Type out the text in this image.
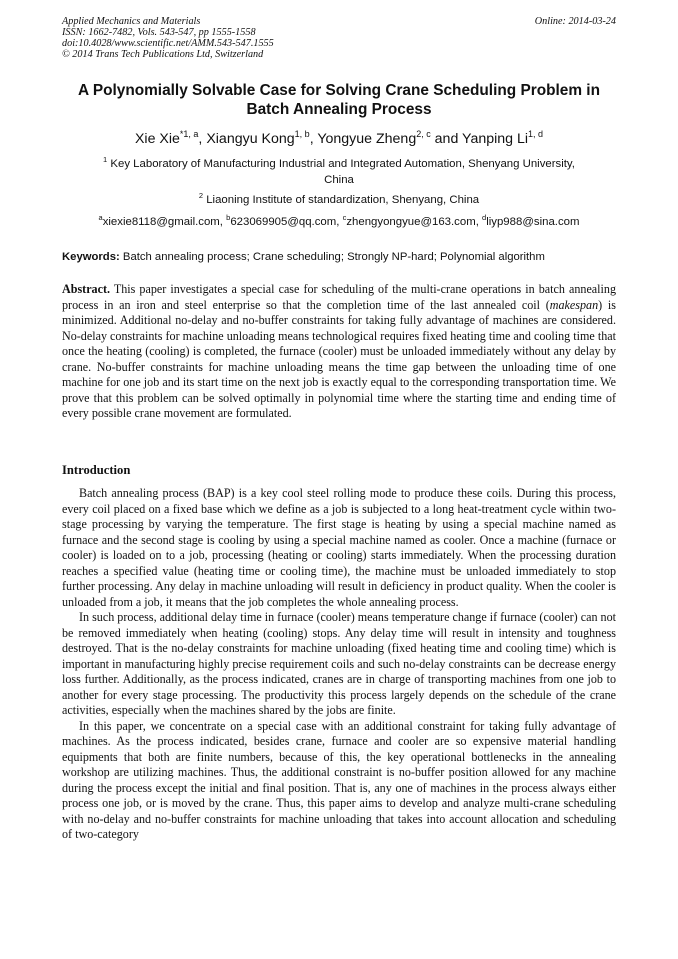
Applied Mechanics and Materials
ISSN: 1662-7482, Vols. 543-547, pp 1555-1558
doi:10.4028/www.scientific.net/AMM.543-547.1555
© 2014 Trans Tech Publications Ltd, Switzerland
Online: 2014-03-24
A Polynomially Solvable Case for Solving Crane Scheduling Problem in
Batch Annealing Process
Xie Xie$^{*1, a}$, Xiangyu Kong$^{1, b}$, Yongyue Zheng$^{2, c}$ and Yanping Li$^{1, d}$
$^1$ Key Laboratory of Manufacturing Industrial and Integrated Automation, Shenyang University,
China
$^2$ Liaoning Institute of standardization, Shenyang, China
$^a$xiexie8118@gmail.com, $^b$623069905@qq.com, $^c$zhengyongyue@163.com, $^d$liyp988@sina.com
Keywords: Batch annealing process; Crane scheduling; Strongly NP-hard; Polynomial algorithm

Abstract. This paper investigates a special case for scheduling of the multi-crane operations in batch annealing process in an iron and steel enterprise so that the completion time of the last annealed coil (makespan) is minimized. Additional no-delay and no-buffer constraints for taking fully advantage of machines are considered. No-delay constraints for machine unloading means technological requires fixed heating time and cooling time that once the heating (cooling) is completed, the furnace (cooler) must be unloaded immediately without any delay by crane. No-buffer constraints for machine unloading means the time gap between the unloading time of one machine for one job and its start time on the next job is exactly equal to the corresponding transportation time. We prove that this problem can be solved optimally in polynomial time where the starting time and ending time of every possible crane movement are formulated.

Introduction

Batch annealing process (BAP) is a key cool steel rolling mode to produce these coils. During this process, every coil placed on a fixed base which we define as a job is subjected to a long heat-treatment cycle within two-stage processing by varying the temperature. The first stage is heating by using a special machine named as furnace and the second stage is cooling by using a special machine named as cooler. Once a machine (furnace or cooler) is loaded on to a job, processing (heating or cooling) starts immediately. When the processing duration reaches a specified value (heating time or cooling time), the machine must be unloaded immediately to stop further processing. Any delay in machine unloading will result in deficiency in product quality. When the cooler is unloaded from a job, it means that the job completes the whole annealing process.

In such process, additional delay time in furnace (cooler) means temperature change if furnace (cooler) can not be removed immediately when heating (cooling) stops. Any delay time will result in intensity and toughness destroyed. That is the no-delay constraints for machine unloading (fixed heating time and cooling time) which is important in manufacturing highly precise requirement coils and such no-delay constraints can be decrease energy loss further. Additionally, as the process indicated, cranes are in charge of transporting machines from one job to another for every stage processing. The productivity this process largely depends on the schedule of the crane activities, especially when the machines shared by the jobs are finite.

In this paper, we concentrate on a special case with an additional constraint for taking fully advantage of machines. As the process indicated, besides crane, furnace and cooler are so expensive material handling equipments that both are finite numbers, because of this, the key operational bottlenecks in the annealing workshop are utilizing machines. Thus, the additional constraint is no-buffer position allowed for any machine during the process except the initial and final position. That is, any one of machines in the process always either process one job, or is moved by the crane. Thus, this paper aims to develop and analyze multi-crane scheduling with no-delay and no-buffer constraints for machine unloading that takes into account allocation and scheduling of two-category
